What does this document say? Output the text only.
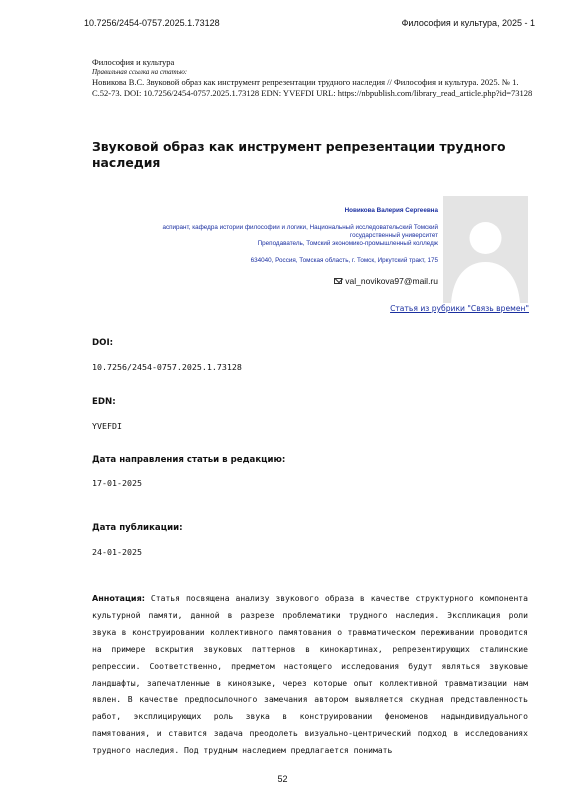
10.7256/2454-0757.2025.1.73128	Философия и культура, 2025 - 1
Философия и культура
Правильная ссылка на статью:
Новикова В.С. Звуковой образ как инструмент репрезентации трудного наследия // Философия и культура. 2025. № 1. С.52-73. DOI: 10.7256/2454-0757.2025.1.73128 EDN: YVEFDI URL: https://nbpublish.com/library_read_article.php?id=73128
Звуковой образ как инструмент репрезентации трудного наследия
Новикова Валерия Сергеевна
аспирант, кафедра истории философии и логики, Национальный исследовательский Томский государственный университет
Преподаватель, Томский экономико-промышленный колледж
634040, Россия, Томская область, г. Томск, Иркутский тракт, 175
val_novikova97@mail.ru
Статья из рубрики "Связь времен"
DOI:
10.7256/2454-0757.2025.1.73128
EDN:
YVEFDI
Дата направления статьи в редакцию:
17-01-2025
Дата публикации:
24-01-2025
Аннотация: Статья посвящена анализу звукового образа в качестве структурного компонента культурной памяти, данной в разрезе проблематики трудного наследия. Экспликация роли звука в конструировании коллективного памятования о травматическом переживании проводится на примере вскрытия звуковых паттернов в кинокартинах, репрезентирующих сталинские репрессии. Соответственно, предметом настоящего исследования будут являться звуковые ландшафты, запечатленные в киноязыке, через которые опыт коллективной травматизации нам явлен. В качестве предпосылочного замечания автором выявляется скудная представленность работ, эксплицирующих роль звука в конструировании феноменов надындивидуального памятования, и ставится задача преодолеть визуально-центрический подход в исследованиях трудного наследия. Под трудным наследием предлагается понимать
52
